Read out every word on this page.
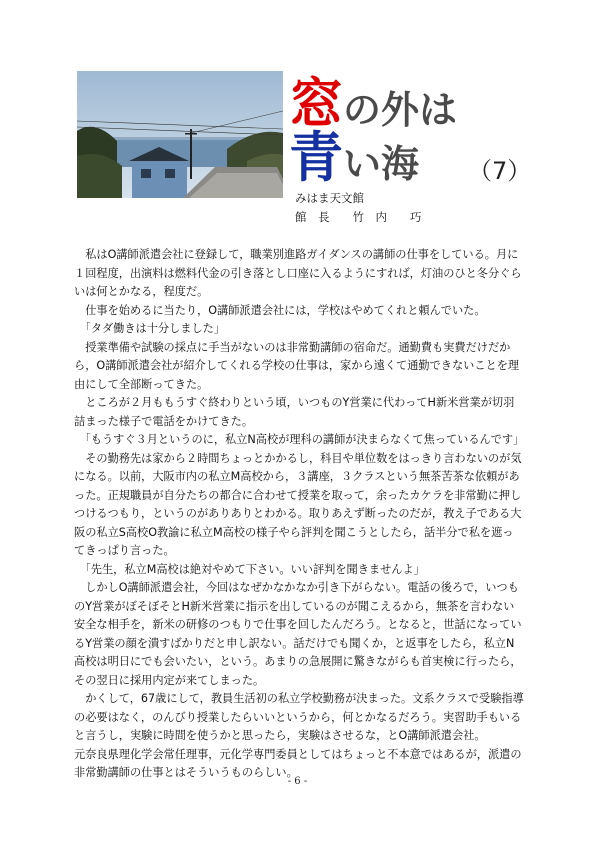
窓 の外は
青 い海 （7）
みはま天文館
館　長　　竹　内　　巧

　私はO講師派遣会社に登録して，職業別進路ガイダンスの講師の仕事をしている。月に１回程度，出演料は燃料代金の引き落とし口座に入るようにすれば，灯油のひと冬分ぐらいは何とかなる，程度だ。

　仕事を始めるに当たり，O講師派遣会社には，学校はやめてくれと頼んでいた。

　「タダ働きは十分しました」

　授業準備や試験の採点に手当がないのは非常勤講師の宿命だ。通勤費も実費だけだから，O講師派遣会社が紹介してくれる学校の仕事は，家から遠くて通勤できないことを理由にして全部断ってきた。

　ところが２月ももうすぐ終わりという頃，いつものY営業に代わってH新米営業が切羽詰まった様子で電話をかけてきた。

　「もうすぐ３月というのに，私立N高校が理科の講師が決まらなくて焦っているんです」

　その勤務先は家から２時間ちょっとかかるし，科目や単位数をはっきり言わないのが気になる。以前，大阪市内の私立M高校から，３講座，３クラスという無茶苦茶な依頼があった。正規職員が自分たちの都合に合わせて授業を取って，余ったカケラを非常勤に押しつけるつもり，というのがありありとわかる。取りあえず断ったのだが，教え子である大阪の私立S高校O教諭に私立M高校の様子やら評判を聞こうとしたら，話半分で私を遮ってきっぱり言った。

　「先生，私立M高校は絶対やめて下さい。いい評判を聞きませんよ」

　しかしO講師派遣会社，今回はなぜかなかなか引き下がらない。電話の後ろで，いつものY営業がぼそぼそとH新米営業に指示を出しているのが聞こえるから，無茶を言わない安全な相手を，新米の研修のつもりで仕事を回したんだろう。となると，世話になっているY営業の顔を潰すばかりだと申し訳ない。話だけでも聞くか，と返事をしたら，私立N高校は明日にでも会いたい，という。あまりの急展開に驚きながらも首実検に行ったら，その翌日に採用内定が来てしまった。

　かくして，67歳にして，教員生活初の私立学校勤務が決まった。文系クラスで受験指導の必要はなく，のんびり授業したらいいというから，何とかなるだろう。実習助手もいると言うし，実験に時間を使うかと思ったら，実験はさせるな，とO講師派遣会社。

元奈良県理化学会常任理事，元化学専門委員としてはちょっと不本意ではあるが，派遣の非常勤講師の仕事とはそういうものらしい。

- 6 -
